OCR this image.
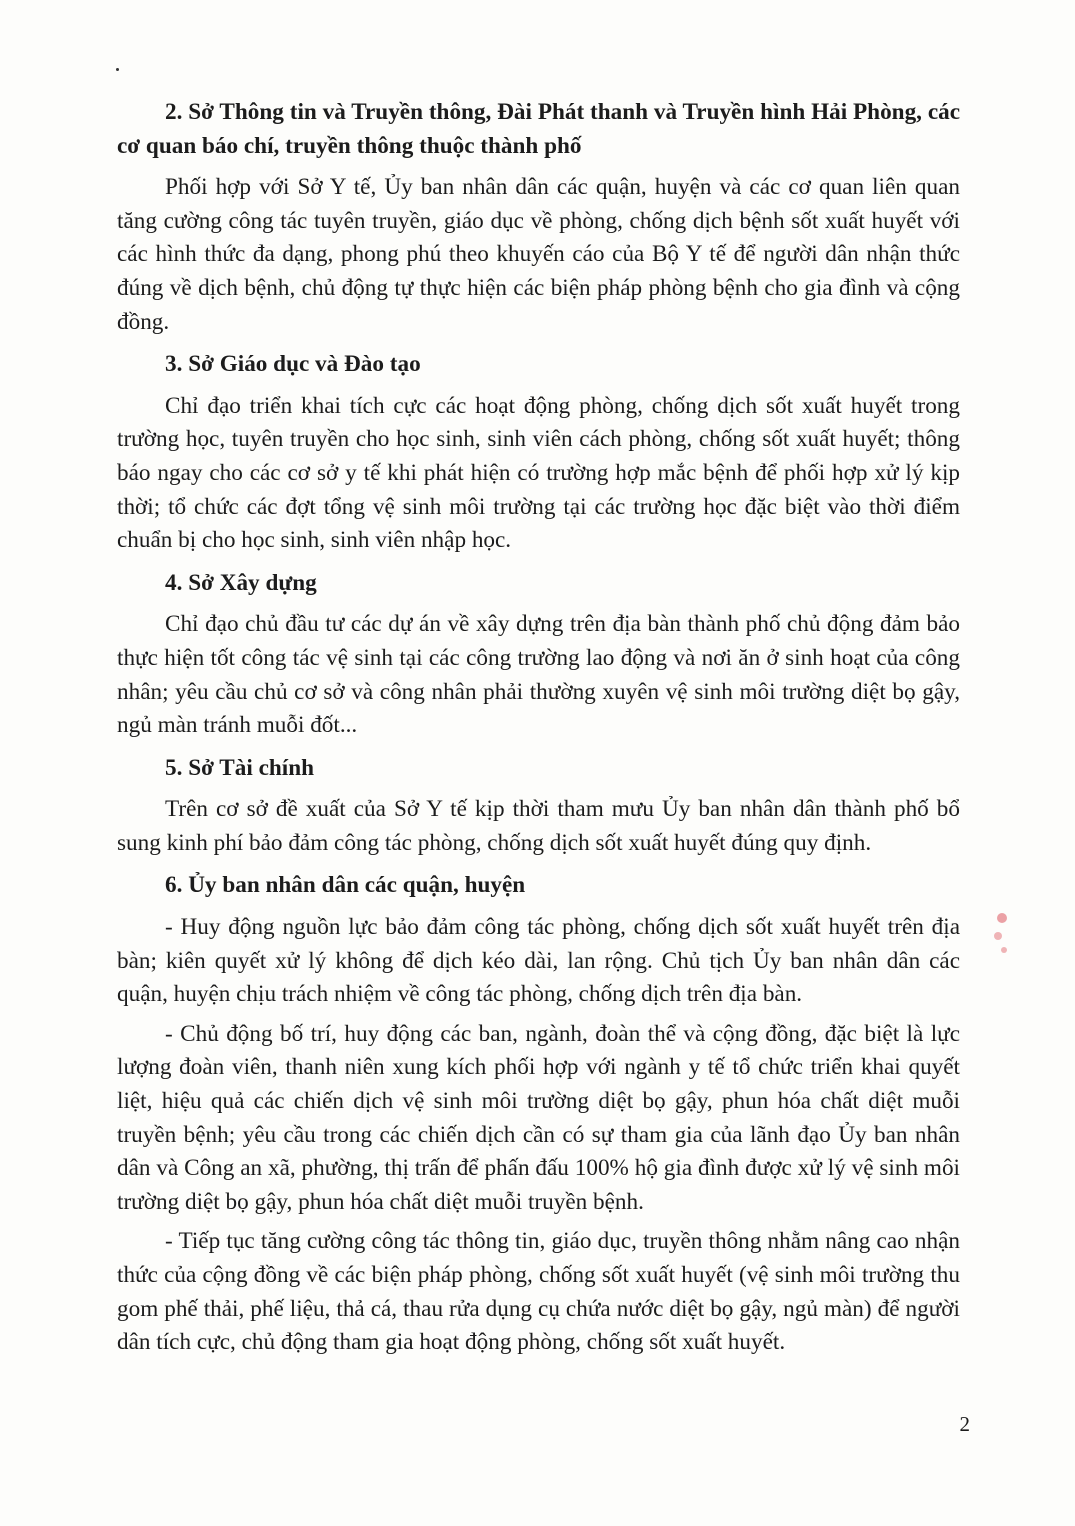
2. Sở Thông tin và Truyền thông, Đài Phát thanh và Truyền hình Hải Phòng, các cơ quan báo chí, truyền thông thuộc thành phố

Phối hợp với Sở Y tế, Ủy ban nhân dân các quận, huyện và các cơ quan liên quan tăng cường công tác tuyên truyền, giáo dục về phòng, chống dịch bệnh sốt xuất huyết với các hình thức đa dạng, phong phú theo khuyến cáo của Bộ Y tế để người dân nhận thức đúng về dịch bệnh, chủ động tự thực hiện các biện pháp phòng bệnh cho gia đình và cộng đồng.

3. Sở Giáo dục và Đào tạo

Chỉ đạo triển khai tích cực các hoạt động phòng, chống dịch sốt xuất huyết trong trường học, tuyên truyền cho học sinh, sinh viên cách phòng, chống sốt xuất huyết; thông báo ngay cho các cơ sở y tế khi phát hiện có trường hợp mắc bệnh để phối hợp xử lý kịp thời; tổ chức các đợt tổng vệ sinh môi trường tại các trường học đặc biệt vào thời điểm chuẩn bị cho học sinh, sinh viên nhập học.

4. Sở Xây dựng

Chỉ đạo chủ đầu tư các dự án về xây dựng trên địa bàn thành phố chủ động đảm bảo thực hiện tốt công tác vệ sinh tại các công trường lao động và nơi ăn ở sinh hoạt của công nhân; yêu cầu chủ cơ sở và công nhân phải thường xuyên vệ sinh môi trường diệt bọ gậy, ngủ màn tránh muỗi đốt...

5. Sở Tài chính

Trên cơ sở đề xuất của Sở Y tế kịp thời tham mưu Ủy ban nhân dân thành phố bổ sung kinh phí bảo đảm công tác phòng, chống dịch sốt xuất huyết đúng quy định.

6. Ủy ban nhân dân các quận, huyện

- Huy động nguồn lực bảo đảm công tác phòng, chống dịch sốt xuất huyết trên địa bàn; kiên quyết xử lý không để dịch kéo dài, lan rộng. Chủ tịch Ủy ban nhân dân các quận, huyện chịu trách nhiệm về công tác phòng, chống dịch trên địa bàn.

- Chủ động bố trí, huy động các ban, ngành, đoàn thể và cộng đồng, đặc biệt là lực lượng đoàn viên, thanh niên xung kích phối hợp với ngành y tế tổ chức triển khai quyết liệt, hiệu quả các chiến dịch vệ sinh môi trường diệt bọ gậy, phun hóa chất diệt muỗi truyền bệnh; yêu cầu trong các chiến dịch cần có sự tham gia của lãnh đạo Ủy ban nhân dân và Công an xã, phường, thị trấn để phấn đấu 100% hộ gia đình được xử lý vệ sinh môi trường diệt bọ gậy, phun hóa chất diệt muỗi truyền bệnh.

- Tiếp tục tăng cường công tác thông tin, giáo dục, truyền thông nhằm nâng cao nhận thức của cộng đồng về các biện pháp phòng, chống sốt xuất huyết (vệ sinh môi trường thu gom phế thải, phế liệu, thả cá, thau rửa dụng cụ chứa nước diệt bọ gậy, ngủ màn) để người dân tích cực, chủ động tham gia hoạt động phòng, chống sốt xuất huyết.

2
